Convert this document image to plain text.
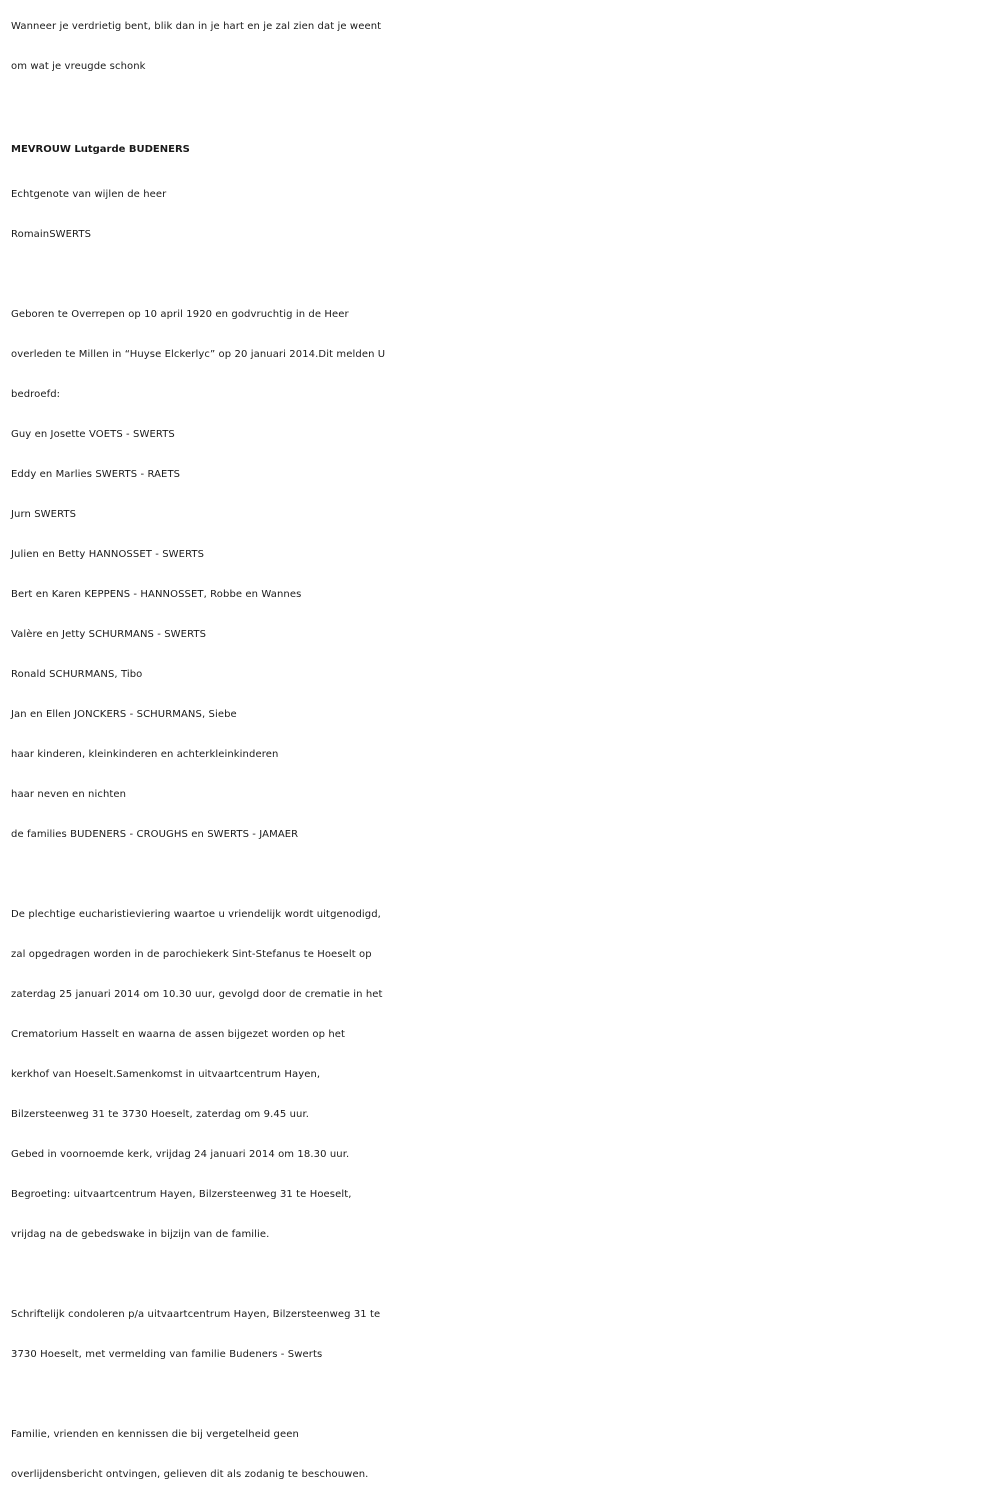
Wanneer je verdrietig bent, blik dan in je hart en je zal zien dat je weent
om wat je vreugde schonk
MEVROUW Lutgarde BUDENERS
Echtgenote van wijlen de heer
RomainSWERTS
Geboren te Overrepen op 10 april 1920 en godvruchtig in de Heer
overleden te Millen in “Huyse Elckerlyc” op 20 januari 2014.Dit melden U
bedroefd:
Guy en Josette VOETS - SWERTS
Eddy en Marlies SWERTS - RAETS
Jurn SWERTS
Julien en Betty HANNOSSET - SWERTS
Bert en Karen KEPPENS - HANNOSSET, Robbe en Wannes
Valère en Jetty SCHURMANS - SWERTS
Ronald SCHURMANS, Tibo
Jan en Ellen JONCKERS - SCHURMANS, Siebe
haar kinderen, kleinkinderen en achterkleinkinderen
haar neven en nichten
de families BUDENERS - CROUGHS en SWERTS - JAMAER
De plechtige eucharistieviering waartoe u vriendelijk wordt uitgenodigd,
zal opgedragen worden in de parochiekerk Sint-Stefanus te Hoeselt op
zaterdag 25 januari 2014 om 10.30 uur, gevolgd door de crematie in het
Crematorium Hasselt en waarna de assen bijgezet worden op het
kerkhof van Hoeselt.Samenkomst in uitvaartcentrum Hayen,
Bilzersteenweg 31 te 3730 Hoeselt, zaterdag om 9.45 uur.
Gebed in voornoemde kerk, vrijdag 24 januari 2014 om 18.30 uur.
Begroeting: uitvaartcentrum Hayen, Bilzersteenweg 31 te Hoeselt,
vrijdag na de gebedswake in bijzijn van de familie.
Schriftelijk condoleren p/a uitvaartcentrum Hayen, Bilzersteenweg 31 te
3730 Hoeselt, met vermelding van familie Budeners - Swerts
Familie, vrienden en kennissen die bij vergetelheid geen
overlijdensbericht ontvingen, gelieven dit als zodanig te beschouwen.
